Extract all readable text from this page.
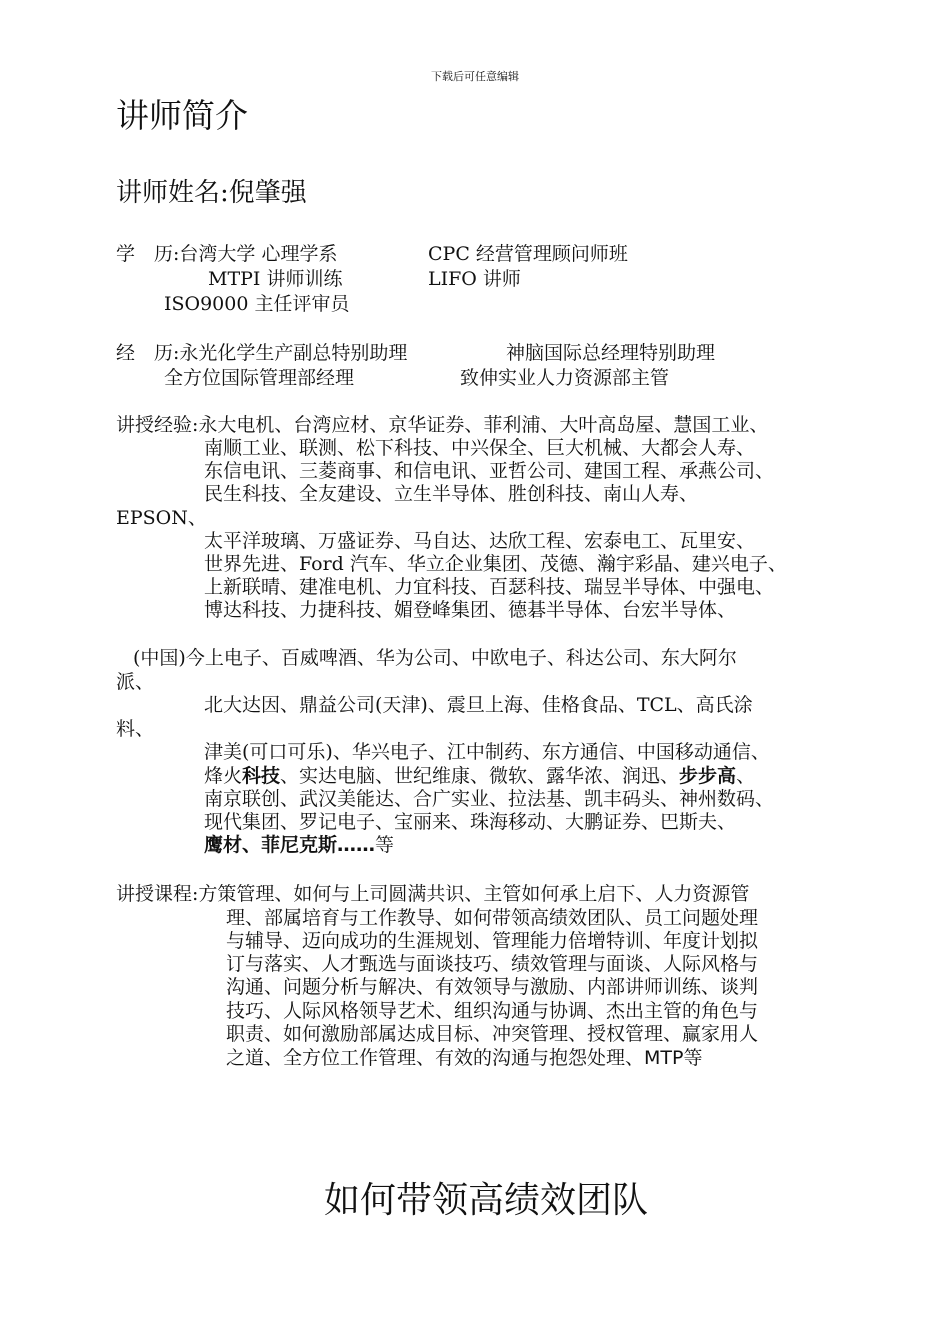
下载后可任意编辑
讲师简介
讲师姓名:倪肇强
学　历:台湾大学 心理学系	CPC 经营管理顾问师班
MTPI 讲师训练	LIFO 讲师
ISO9000 主任评审员
经　历:永光化学生产副总特别助理	神脑国际总经理特别助理
全方位国际管理部经理	致伸实业人力资源部主管
讲授经验:永大电机、台湾应材、京华证券、菲利浦、大叶高岛屋、慧国工业、
南顺工业、联测、松下科技、中兴保全、巨大机械、大都会人寿、
东信电讯、三菱商事、和信电讯、亚哲公司、建国工程、承燕公司、
民生科技、全友建设、立生半导体、胜创科技、南山人寿、
EPSON、
太平洋玻璃、万盛证券、马自达、达欣工程、宏泰电工、瓦里安、
世界先进、Ford 汽车、华立企业集团、茂德、瀚宇彩晶、建兴电子、
上新联晴、建准电机、力宜科技、百瑟科技、瑞昱半导体、中强电、
博达科技、力捷科技、媚登峰集团、德碁半导体、台宏半导体、
(中国)今上电子、百威啤酒、华为公司、中欧电子、科达公司、东大阿尔
派、
北大达因、鼎益公司(天津)、震旦上海、佳格食品、TCL、高氏涂
料、
津美(可口可乐)、华兴电子、江中制药、东方通信、中国移动通信、
烽火科技、实达电脑、世纪维康、微软、露华浓、润迅、步步高、
南京联创、武汉美能达、合广实业、拉法基、凯丰码头、神州数码、
现代集团、罗记电子、宝丽来、珠海移动、大鹏证券、巴斯夫、
鹰材、菲尼克斯……等
讲授课程:方策管理、如何与上司圆满共识、主管如何承上启下、人力资源管
理、部属培育与工作教导、如何带领高绩效团队、员工问题处理
与辅导、迈向成功的生涯规划、管理能力倍增特训、年度计划拟
订与落实、人才甄选与面谈技巧、绩效管理与面谈、人际风格与
沟通、问题分析与解决、有效领导与激励、内部讲师训练、谈判
技巧、人际风格领导艺术、组织沟通与协调、杰出主管的角色与
职责、如何激励部属达成目标、冲突管理、授权管理、赢家用人
之道、全方位工作管理、有效的沟通与抱怨处理、MTP等
如何带领高绩效团队
